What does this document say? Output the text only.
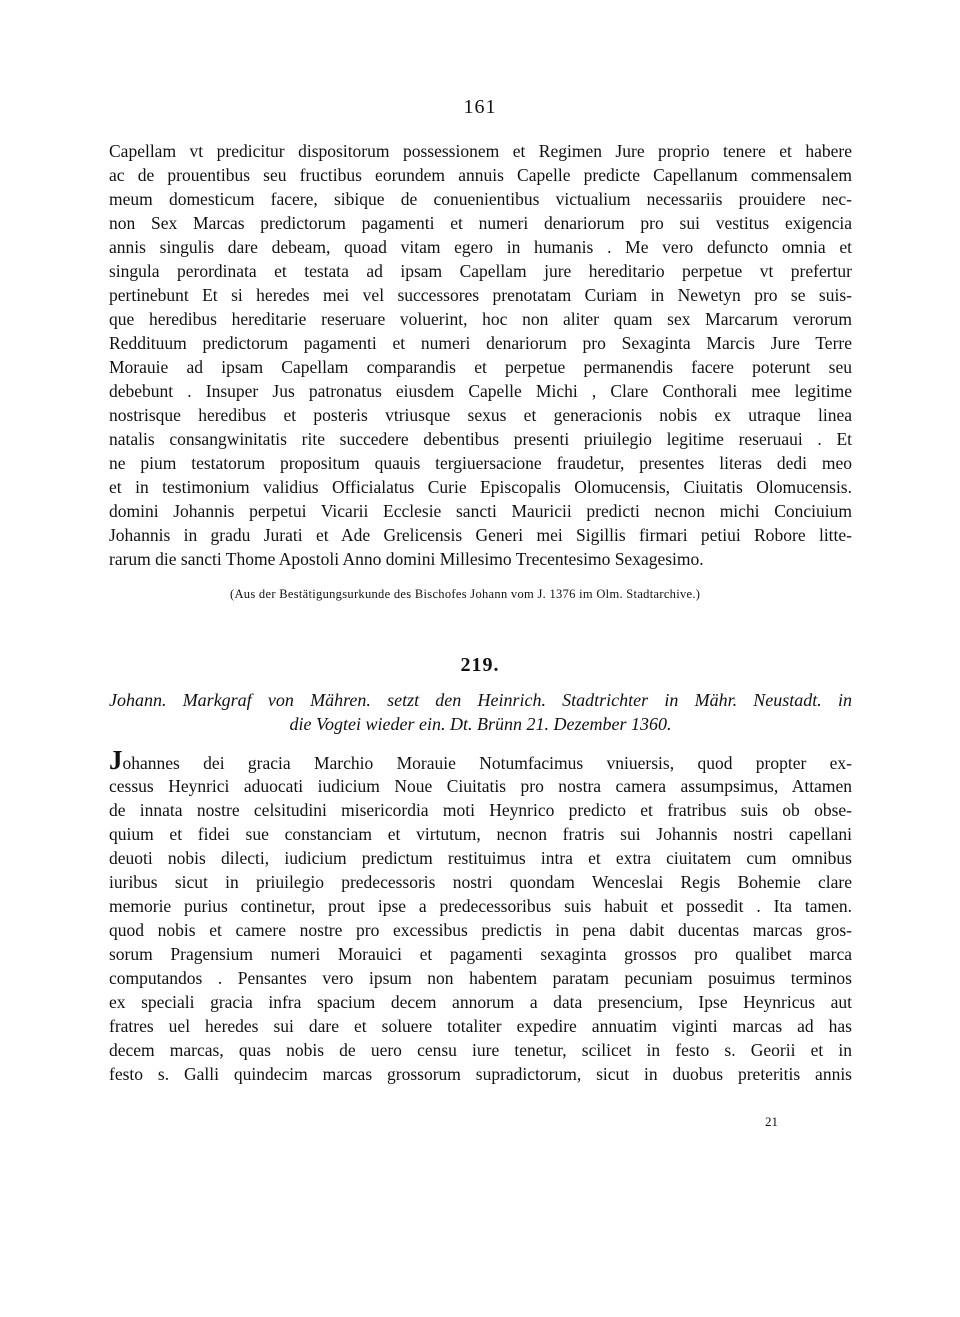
161
Capellam vt predicitur dispositorum possessionem et Regimen Jure proprio tenere et habere
ac de prouentibus seu fructibus eorundem annuis Capelle predicte Capellanum commensalem
meum domesticum facere, sibique de conuenientibus victualium necessariis prouidere nec-
non Sex Marcas predictorum pagamenti et numeri denariorum pro sui vestitus exigencia
annis singulis dare debeam, quoad vitam egero in humanis . Me vero defuncto omnia et
singula perordinata et testata ad ipsam Capellam jure hereditario perpetue vt prefertur
pertinebunt Et si heredes mei vel successores prenotatam Curiam in Newetyn pro se suis-
que heredibus hereditarie reseruare voluerint, hoc non aliter quam sex Marcarum verorum
Reddituum predictorum pagamenti et numeri denariorum pro Sexaginta Marcis Jure Terre
Morauie ad ipsam Capellam comparandis et perpetue permanendis facere poterunt seu
debebunt . Insuper Jus patronatus eiusdem Capelle Michi , Clare Conthorali mee legitime
nostrisque heredibus et posteris vtriusque sexus et generacionis nobis ex utraque linea
natalis consangwinitatis rite succedere debentibus presenti priuilegio legitime reseruaui . Et
ne pium testatorum propositum quauis tergiuersacione fraudetur, presentes literas dedi meo
et in testimonium validius Officialatus Curie Episcopalis Olomucensis, Ciuitatis Olomucensis.
domini Johannis perpetui Vicarii Ecclesie sancti Mauricii predicti necnon michi Conciuium
Johannis in gradu Jurati et Ade Grelicensis Generi mei Sigillis firmari petiui Robore litte-
rarum die sancti Thome Apostoli Anno domini Millesimo Trecentesimo Sexagesimo.
(Aus der Bestätigungsurkunde des Bischofes Johann vom J. 1376 im Olm. Stadtarchive.)
219.
Johann. Markgraf von Mähren. setzt den Heinrich. Stadtrichter in Mähr. Neustadt. in
die Vogtei wieder ein. Dt. Brünn 21. Dezember 1360.
Johannes dei gracia Marchio Morauie Notumfacimus vniuersis, quod propter ex-
cessus Heynrici aduocati iudicium Noue Ciuitatis pro nostra camera assumpsimus, Attamen
de innata nostre celsitudini misericordia moti Heynrico predicto et fratribus suis ob obse-
quium et fidei sue constanciam et virtutum, necnon fratris sui Johannis nostri capellani
deuoti nobis dilecti, iudicium predictum restituimus intra et extra ciuitatem cum omnibus
iuribus sicut in priuilegio predecessoris nostri quondam Wenceslai Regis Bohemie clare
memorie purius continetur, prout ipse a predecessoribus suis habuit et possedit . Ita tamen.
quod nobis et camere nostre pro excessibus predictis in pena dabit ducentas marcas gros-
sorum Pragensium numeri Morauici et pagamenti sexaginta grossos pro qualibet marca
computandos . Pensantes vero ipsum non habentem paratam pecuniam posuimus terminos
ex speciali gracia infra spacium decem annorum a data presencium, Ipse Heynricus aut
fratres uel heredes sui dare et soluere totaliter expedire annuatim viginti marcas ad has
decem marcas, quas nobis de uero censu iure tenetur, scilicet in festo s. Georii et in
festo s. Galli quindecim marcas grossorum supradictorum, sicut in duobus preteritis annis
21
